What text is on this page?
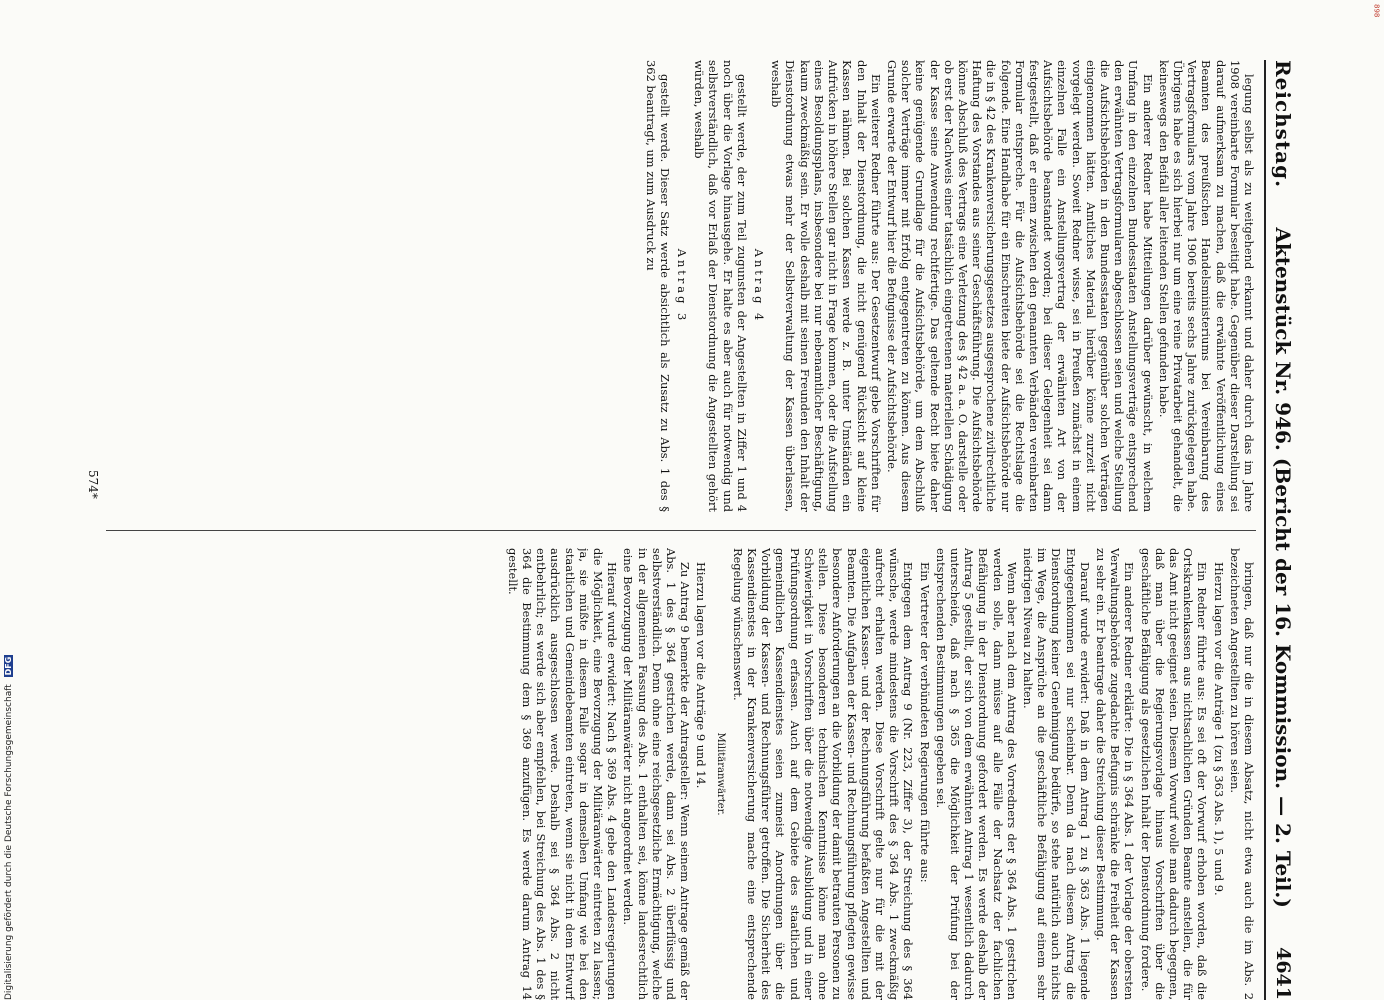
Reichstag.
Aktenstück Nr. 946. (Bericht der 16. Kommission. — 2. Teil.)
4641

legung selbst als zu weitgehend erkannt und daher durch das im Jahre 1908 vereinbarte Formular beseitigt habe. Gegenüber dieser Darstellung sei darauf aufmerksam zu machen, daß die erwähnte Veröffentlichung eines Beamten des preußischen Handelsministeriums bei Vereinbarung des Vertragsformulars vom Jahre 1906 bereits sechs Jahre zurückgelegen habe. Übrigens habe es sich hierbei nur um eine reine Privatarbeit gehandelt, die keineswegs den Beifall aller leitenden Stellen gefunden habe.

Ein anderer Redner habe Mitteilungen darüber gewünscht, in welchem Umfang in den einzelnen Bundesstaaten Anstellungsverträge entsprechend den erwähnten Vertragsformularen abgeschlossen seien und welche Stellung die Aufsichtsbehörden in den Bundesstaaten gegenüber solchen Verträgen eingenommen hätten. Amtliches Material hierüber könne zurzeit nicht vorgelegt werden. Soweit Redner wisse, sei in Preußen zunächst in einem einzelnen Falle ein Anstellungsvertrag der erwähnten Art von der Aufsichtsbehörde beanstandet worden; bei dieser Gelegenheit sei dann festgestellt, daß er einem zwischen den genannten Verbänden vereinbarten Formular entspreche. Für die Aufsichtsbehörde sei die Rechtslage die folgende. Eine Handhabe für ein Einschreiten biete der Aufsichtsbehörde nur die in § 42 des Krankenversicherungsgesetzes ausgesprochene zivilrechtliche Haftung des Vorstandes aus seiner Geschäftsführung. Die Aufsichtsbehörde könne Abschluß des Vertrags eine Verletzung des § 42 a. a. O. darstelle oder ob erst der Nachweis einer tatsächlich eingetretenen materiellen Schädigung der Kasse seine Anwendung rechtfertige. Das geltende Recht biete daher keine genügende Grundlage für die Aufsichtsbehörde, um dem Abschluß solcher Verträge immer mit Erfolg entgegentreten zu können. Aus diesem Grunde erwarte der Entwurf hier die Befugnisse der Aufsichtsbehörde.

Ein weiterer Redner führte aus: Der Gesetzentwurf gebe Vorschriften für den Inhalt der Dienstordnung, die nicht genügend Rücksicht auf kleine Kassen nähmen. Bei solchen Kassen werde z. B. unter Umständen ein Aufrücken in höhere Stellen gar nicht in Frage kommen, oder die Aufstellung eines Besoldungsplans, insbesondere bei nur nebenamtlicher Beschäftigung, kaum zweckmäßig sein. Er wolle deshalb mit seinen Freunden den Inhalt der Dienstordnung etwas mehr der Selbstverwaltung der Kassen überlassen, weshalb

Antrag 4

gestellt werde, der zum Teil zugunsten der Angestellten in Ziffer 1 und 4 noch über die Vorlage hinausgehe. Er halte es aber auch für notwendig und selbstverständlich, daß vor Erlaß der Dienstordnung die Angestellten gehört würden, weshalb

Antrag 3

gestellt werde. Dieser Satz werde absichtlich als Zusatz zu Abs. 1 des § 362 beantragt, um zum Ausdruck zu

bringen, daß nur die in diesem Absatz, nicht etwa auch die im Abs. 2 bezeichneten Angestellten zu hören seien.

Hierzu lagen vor die Anträge 1 (zu § 363 Abs. 1), 5 und 9.

Ein Redner führte aus: Es sei oft der Vorwurf erhoben worden, daß die Ortskrankenkassen aus nichtsachlichen Gründen Beamte anstellen, die für das Amt nicht geeignet seien. Diesem Vorwurf wolle man dadurch begegnen, daß man über die Regierungsvorlage hinaus Vorschriften über die geschäftliche Befähigung als gesetzlichen Inhalt der Dienstordnung fordere.

Ein anderer Redner erklärte: Die in § 364 Abs. 1 der Vorlage der obersten Verwaltungsbehörde zugedachte Befugnis schränke die Freiheit der Kassen zu sehr ein. Er beantrage daher die Streichung dieser Bestimmung.

Darauf wurde erwidert: Daß in dem Antrag 1 zu § 363 Abs. 1 liegende Entgegenkommen sei nur scheinbar. Denn da nach diesem Antrag die Dienstordnung keiner Genehmigung bedürfe, so stehe natürlich auch nichts im Wege, die Ansprüche an die geschäftliche Befähigung auf einem sehr niedrigen Niveau zu halten.

Wenn aber nach dem Antrag des Vorredners der § 364 Abs. 1 gestrichen werden solle, dann müsse auf alle Fälle der Nachsatz der fachlichen Befähigung in der Dienstordnung gefordert werden. Es werde deshalb der Antrag 5 gestellt, der sich von dem erwähnten Antrag 1 wesentlich dadurch unterscheide, daß nach § 365 die Möglichkeit der Prüfung bei der entsprechenden Bestimmungen gegeben sei.

Ein Vertreter der verbündeten Regierungen führte aus:

Entgegen dem Antrag 9 (Nr. 223, Ziffer 3), der Streichung des § 364 wünsche, werde mindestens die Vorschrift des § 364 Abs. 1 zweckmäßig aufrecht erhalten werden. Diese Vorschrift gelte nur für die mit der eigentlichen Kassen- und der Rechnungsführung befaßten Angestellten und Beamten. Die Aufgaben der Kassen- und Rechnungsführung pflegten gewisse besondere Anforderungen an die Vorbildung der damit betrauten Personen zu stellen. Diese besonderen technischen Kenntnisse könne man ohne Schwierigkeit in Vorschriften über die notwendige Ausbildung und in einer Prüfungsordnung erfassen. Auch auf dem Gebiete des staatlichen und gemeindlichen Kassendienstes seien zumeist Anordnungen über die Vorbildung der Kassen- und Rechnungsführer getroffen. Die Sicherheit des Kassendienstes in der Krankenversicherung mache eine entsprechende Regelung wünschenswert.

Militäranwärter.

Hierzu lagen vor die Anträge 9 und 14.

Zu Antrag 9 bemerkte der Antragsteller: Wenn seinem Antrage gemäß der Abs. 1 des § 364 gestrichen werde, dann sei Abs. 2 überflüssig und selbstverständlich. Denn ohne eine reichsgesetzliche Ermächtigung, welche in der allgemeinen Fassung des Abs. 1 enthalten sei, könne landesrechtlich eine Bevorzugung der Militäranwärter nicht angeordnet werden.

Hierauf wurde erwidert: Nach § 369 Abs. 4 gebe den Landesregierungen die Möglichkeit, eine Bevorzugung der Militäranwärter eintreten zu lassen; ja, sie müßte in diesem Falle sogar in demselben Umfang wie bei den staatlichen und Gemeindebeamten eintreten, wenn sie nicht in dem Entwurf ausdrücklich ausgeschlossen werde. Deshalb sei § 364 Abs. 2 nicht entbehrlich; es werde sich aber empfehlen, bei Streichung des Abs. 1 des § 364 die Bestimmung dem § 369 anzufügen. Es werde darum Antrag 14 gestellt.

574*
Digitalisierung gefördert durch die Deutsche Forschungsgemeinschaft DFG
898
